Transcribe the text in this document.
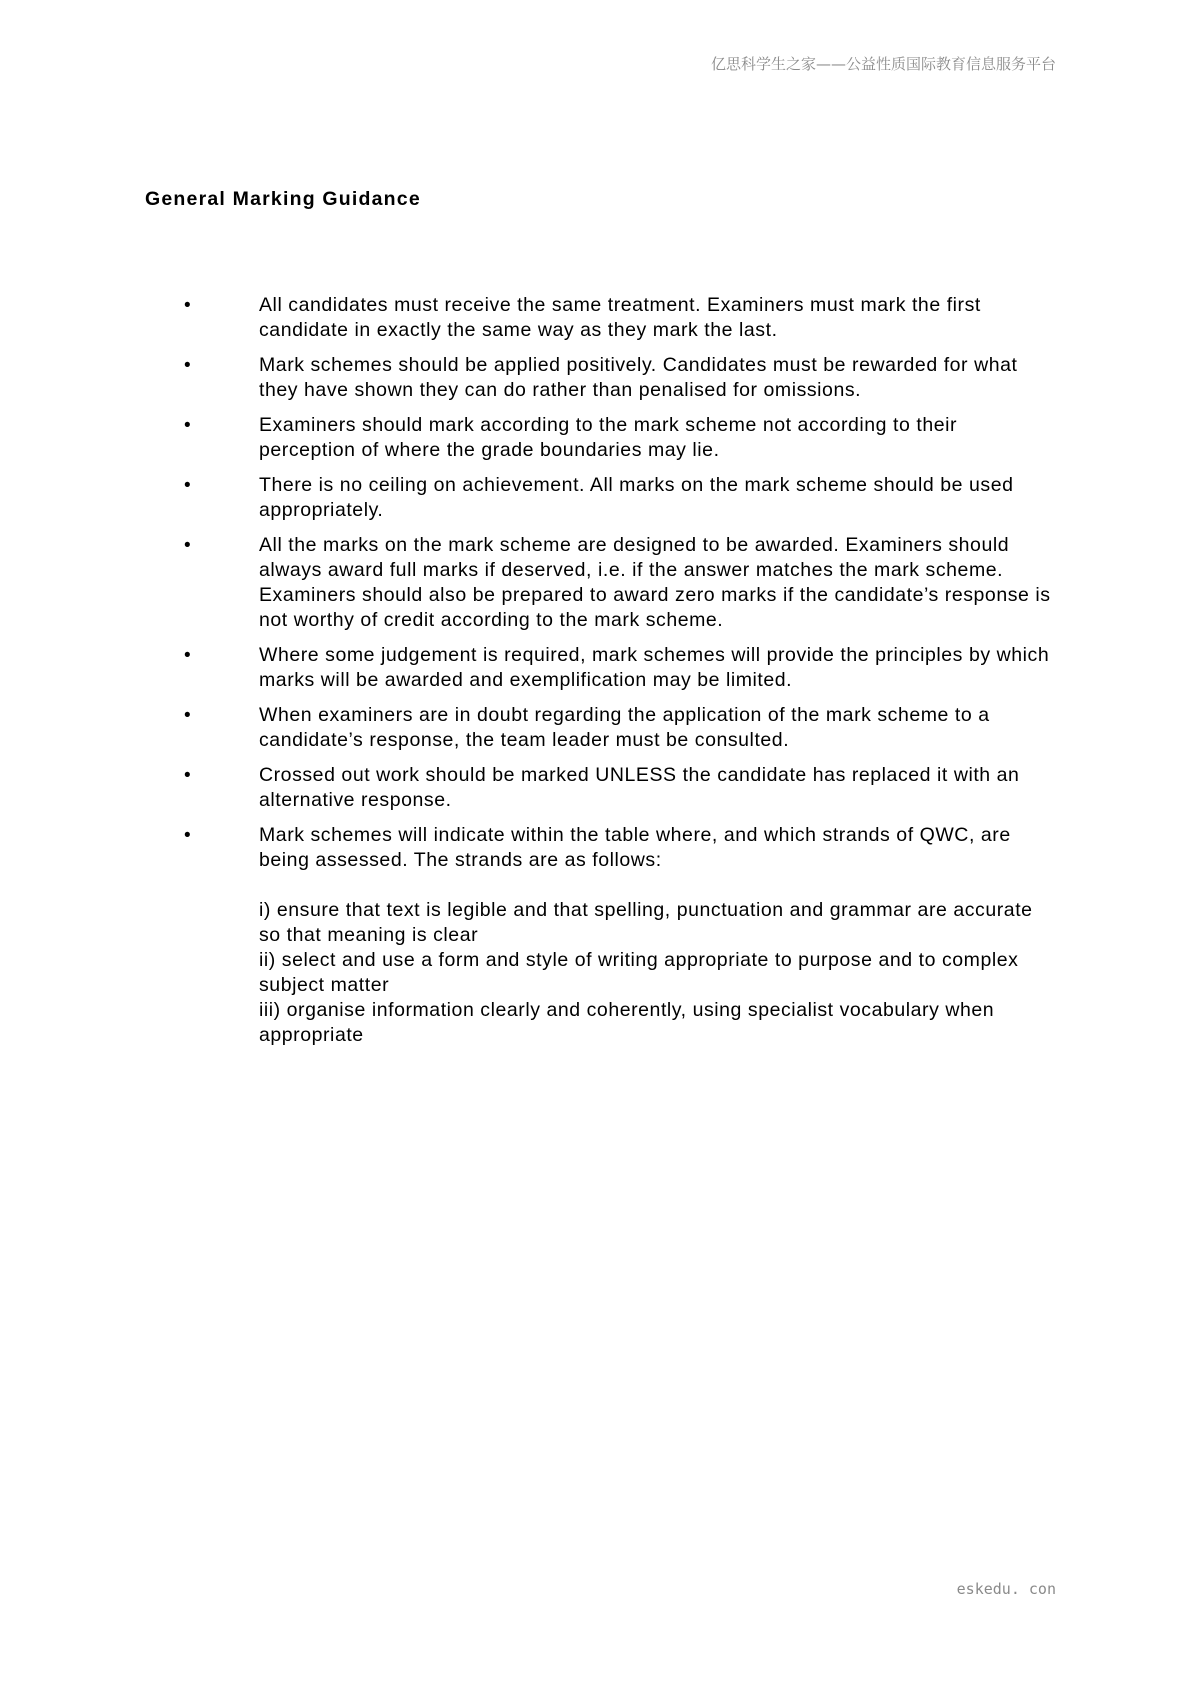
亿思科学生之家——公益性质国际教育信息服务平台
General Marking Guidance
•	All candidates must receive the same treatment. Examiners must mark the first candidate in exactly the same way as they mark the last.
•	Mark schemes should be applied positively. Candidates must be rewarded for what they have shown they can do rather than penalised for omissions.
•	Examiners should mark according to the mark scheme not according to their perception of where the grade boundaries may lie.
•	There is no ceiling on achievement. All marks on the mark scheme should be used appropriately.
•	All the marks on the mark scheme are designed to be awarded. Examiners should always award full marks if deserved, i.e. if the answer matches the mark scheme. Examiners should also be prepared to award zero marks if the candidate’s response is not worthy of credit according to the mark scheme.
•	Where some judgement is required, mark schemes will provide the principles by which marks will be awarded and exemplification may be limited.
•	When examiners are in doubt regarding the application of the mark scheme to a candidate’s response, the team leader must be consulted.
•	Crossed out work should be marked UNLESS the candidate has replaced it with an alternative response.
•	Mark schemes will indicate within the table where, and which strands of QWC, are being assessed. The strands are as follows:
i) ensure that text is legible and that spelling, punctuation and grammar are accurate so that meaning is clear
ii) select and use a form and style of writing appropriate to purpose and to complex subject matter
iii) organise information clearly and coherently, using specialist vocabulary when appropriate
eskedu. con
